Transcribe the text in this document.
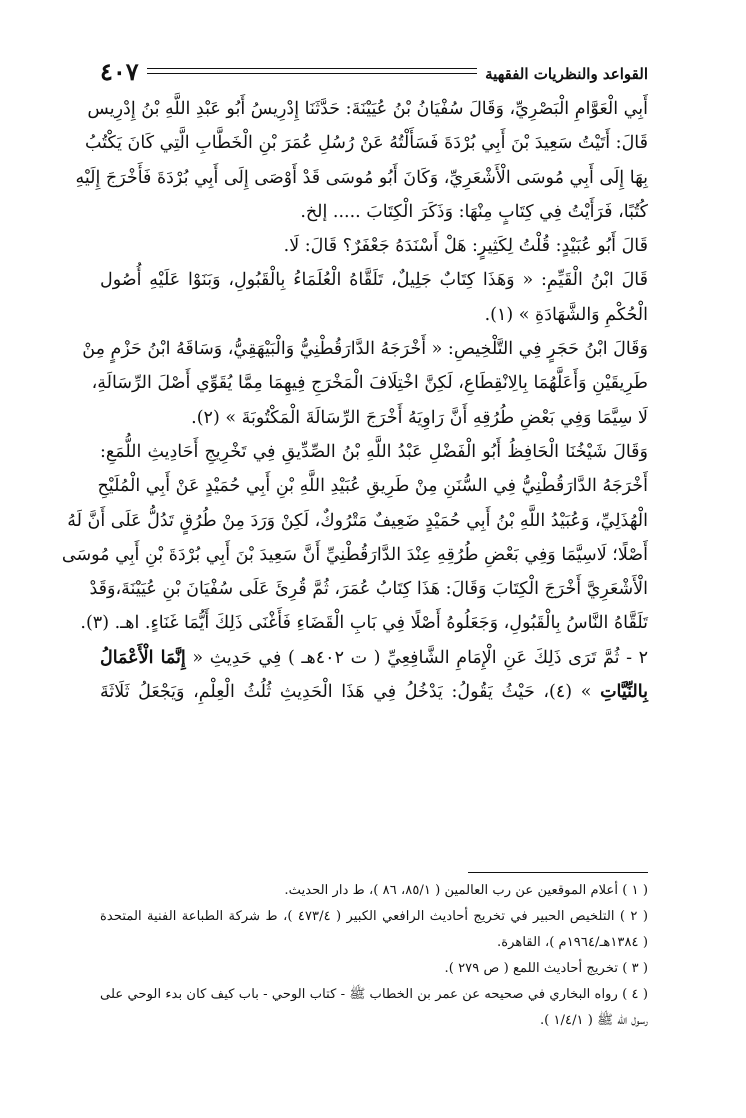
القواعد والنظريات الفقهية
٤٠٧

أَبِي الْعَوَّامِ الْبَصْرِيِّ، وَقَالَ سُفْيَانُ بْنُ عُيَيْنَةَ: حَدَّثَنَا إِدْرِيسُ أَبُو عَبْدِ اللَّهِ بْنُ إِدْرِيس
قَالَ: أَتَيْتُ سَعِيدَ بْنَ أَبِي بُرْدَةَ فَسَأَلْتُهُ عَنْ رُسُلِ عُمَرَ بْنِ الْخَطَّابِ الَّتِي كَانَ يَكْتُبُ
بِهَا إِلَى أَبِي مُوسَى الْأَشْعَرِيِّ، وَكَانَ أَبُو مُوسَى قَدْ أَوْصَى إِلَى أَبِي بُرْدَةَ فَأَخْرَجَ إِلَيْهِ
كُتُبًا، فَرَأَيْتُ فِي كِتَابٍ مِنْهَا: وَذَكَرَ الْكِتَابَ ..... إلخ.

قَالَ أَبُو عُبَيْدٍ: قُلْتُ لِكَثِيرٍ: هَلْ أَسْنَدَهُ جَعْفَرٌ؟ قَالَ: لَا.

قَالَ ابْنُ الْقَيِّمِ: « وَهَذَا كِتَابٌ جَلِيلٌ، تَلَقَّاهُ الْعُلَمَاءُ بِالْقَبُولِ، وَبَنَوْا عَلَيْهِ أُصُول
الْحُكْمِ وَالشَّهَادَةِ » (١).

وَقَالَ ابْنُ حَجَرٍ فِي التَّلْخِيصِ: « أَخْرَجَهُ الدَّارَقُطْنِيُّ وَالْبَيْهَقِيُّ، وَسَاقَهُ ابْنُ حَزْمٍ مِنْ
طَرِيقَيْنِ وَأَعَلَّهُمَا بِالِانْقِطَاعِ، لَكِنَّ اخْتِلَافَ الْمَخْرَجِ فِيهِمَا مِمَّا يُقَوِّي أَصْلَ الرِّسَالَةِ،
لَا سِيَّمَا وَفِي بَعْضِ طُرُقِهِ أَنَّ رَاوِيَهُ أَخْرَجَ الرِّسَالَةَ الْمَكْتُوبَةَ » (٢).

وَقَالَ شَيْخُنَا الْحَافِظُ أَبُو الْفَضْلِ عَبْدُ اللَّهِ بْنُ الصِّدِّيقِ فِي تَخْرِيجِ أَحَادِيثِ اللُّمَعِ:
أَخْرَجَهُ الدَّارَقُطْنِيُّ فِي السُّنَنِ مِنْ طَرِيقِ عُبَيْدِ اللَّهِ بْنِ أَبِي حُمَيْدٍ عَنْ أَبِي الْمُلَيْحِ
الْهُذَلِيِّ، وَعُبَيْدُ اللَّهِ بْنُ أَبِي حُمَيْدٍ ضَعِيفٌ مَتْرُوكٌ، لَكِنْ وَرَدَ مِنْ طُرُقٍ تَدُلُّ عَلَى أَنَّ لَهُ
أَصْلًا؛ لَاسِيَّمَا وَفِي بَعْضِ طُرُقِهِ عِنْدَ الدَّارَقُطْنِيِّ أَنَّ سَعِيدَ بْنَ أَبِي بُرْدَةَ بْنِ أَبِي مُوسَى
الْأَشْعَرِيَّ أَخْرَجَ الْكِتَابَ وَقَالَ: هَذَا كِتَابُ عُمَرَ، ثُمَّ قُرِئَ عَلَى سُفْيَانَ بْنِ عُيَيْنَةَ،وَقَدْ
تَلَقَّاهُ النَّاسُ بِالْقَبُولِ، وَجَعَلُوهُ أَصْلًا فِي بَابِ الْقَضَاءِ فَأَغْنَى ذَلِكَ أَيُّمَا غَنَاءٍ. اهـ. (٣).

٢ - ثُمَّ تَرَى ذَلِكَ عَنِ الْإِمَامِ الشَّافِعِيِّ ( ت ٤٠٢هـ ) فِي حَدِيثِ « إِنَّمَا الْأَعْمَالُ
بِالنِّيَّاتِ » (٤)، حَيْثُ يَقُولُ: يَدْخُلُ فِي هَذَا الْحَدِيثِ ثُلُثُ الْعِلْمِ، وَيَجْعَلُ ثَلَاثَةَ

( ١ ) أعلام الموقعين عن رب العالمين ( ٨٥/١، ٨٦ )، ط دار الحديث.
( ٢ ) التلخيص الحبير في تخريج أحاديث الرافعي الكبير ( ٤٧٣/٤ )، ط شركة الطباعة الفنية المتحدة
( ١٣٨٤هـ/١٩٦٤م )، القاهرة.
( ٣ ) تخريج أحاديث اللمع ( ص ٢٧٩ ).
( ٤ ) رواه البخاري في صحيحه عن عمر بن الخطاب ﷺ - كتاب الوحي - باب كيف كان بدء الوحي على
رسول الله ﷺ ( ١/٤/١ ).
